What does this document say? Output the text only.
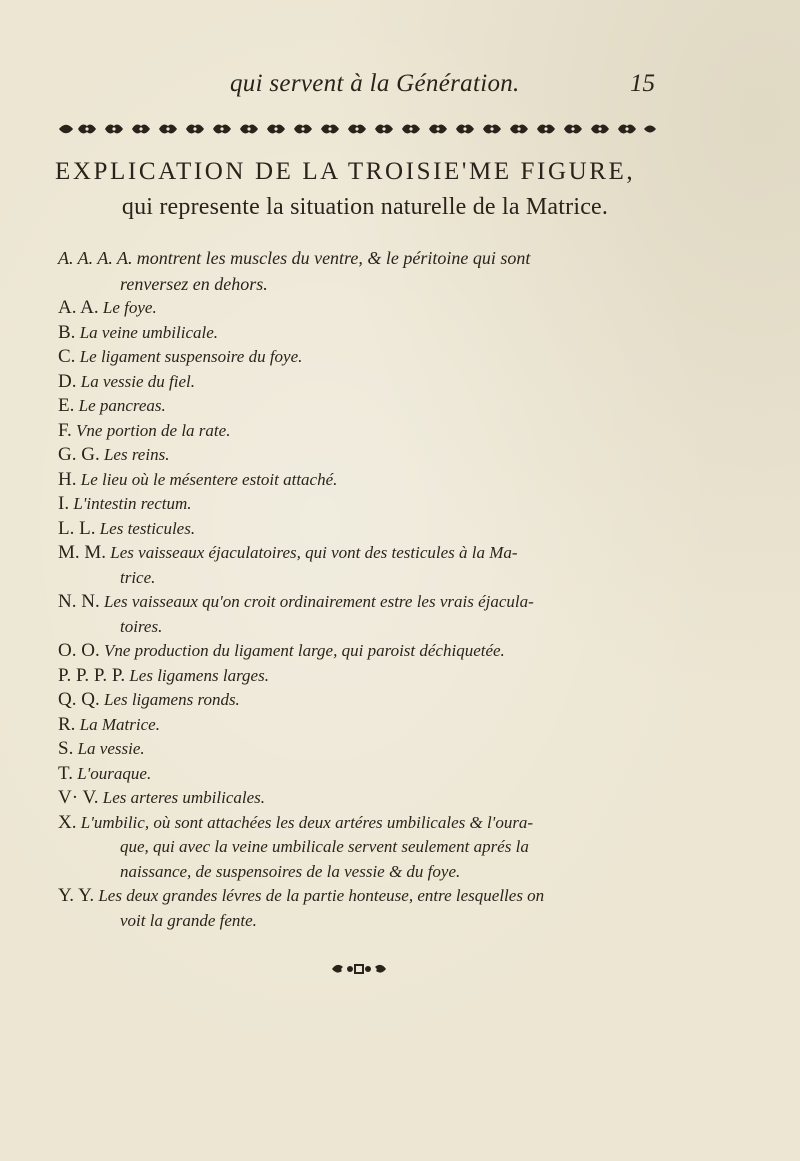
qui servent à la Génération.	15
EXPLICATION DE LA TROISIE'ME FIGURE,
qui represente la situation naturelle de la Matrice.
A. A. A. A. montrent les muscles du ventre, & le péritoine qui sont
renversez en dehors.
A. A. Le foye.
B. La veine umbilicale.
C. Le ligament suspensoire du foye.
D. La vessie du fiel.
E. Le pancreas.
F. Vne portion de la rate.
G. G. Les reins.
H. Le lieu où le mésentere estoit attaché.
I. L'intestin rectum.
L. L. Les testicules.
M. M. Les vaisseaux éjaculatoires, qui vont des testicules à la Ma-
trice.
N. N. Les vaisseaux qu'on croit ordinairement estre les vrais éjacula-
toires.
O. O. Vne production du ligament large, qui paroist déchiquetée.
P. P. P. P. Les ligamens larges.
Q. Q. Les ligamens ronds.
R. La Matrice.
S. La vessie.
T. L'ouraque.
V· V. Les arteres umbilicales.
X. L'umbilic, où sont attachées les deux artéres umbilicales & l'oura-
que, qui avec la veine umbilicale servent seulement aprés la
naissance, de suspensoires de la vessie & du foye.
Y. Y. Les deux grandes lévres de la partie honteuse, entre lesquelles on
voit la grande fente.
